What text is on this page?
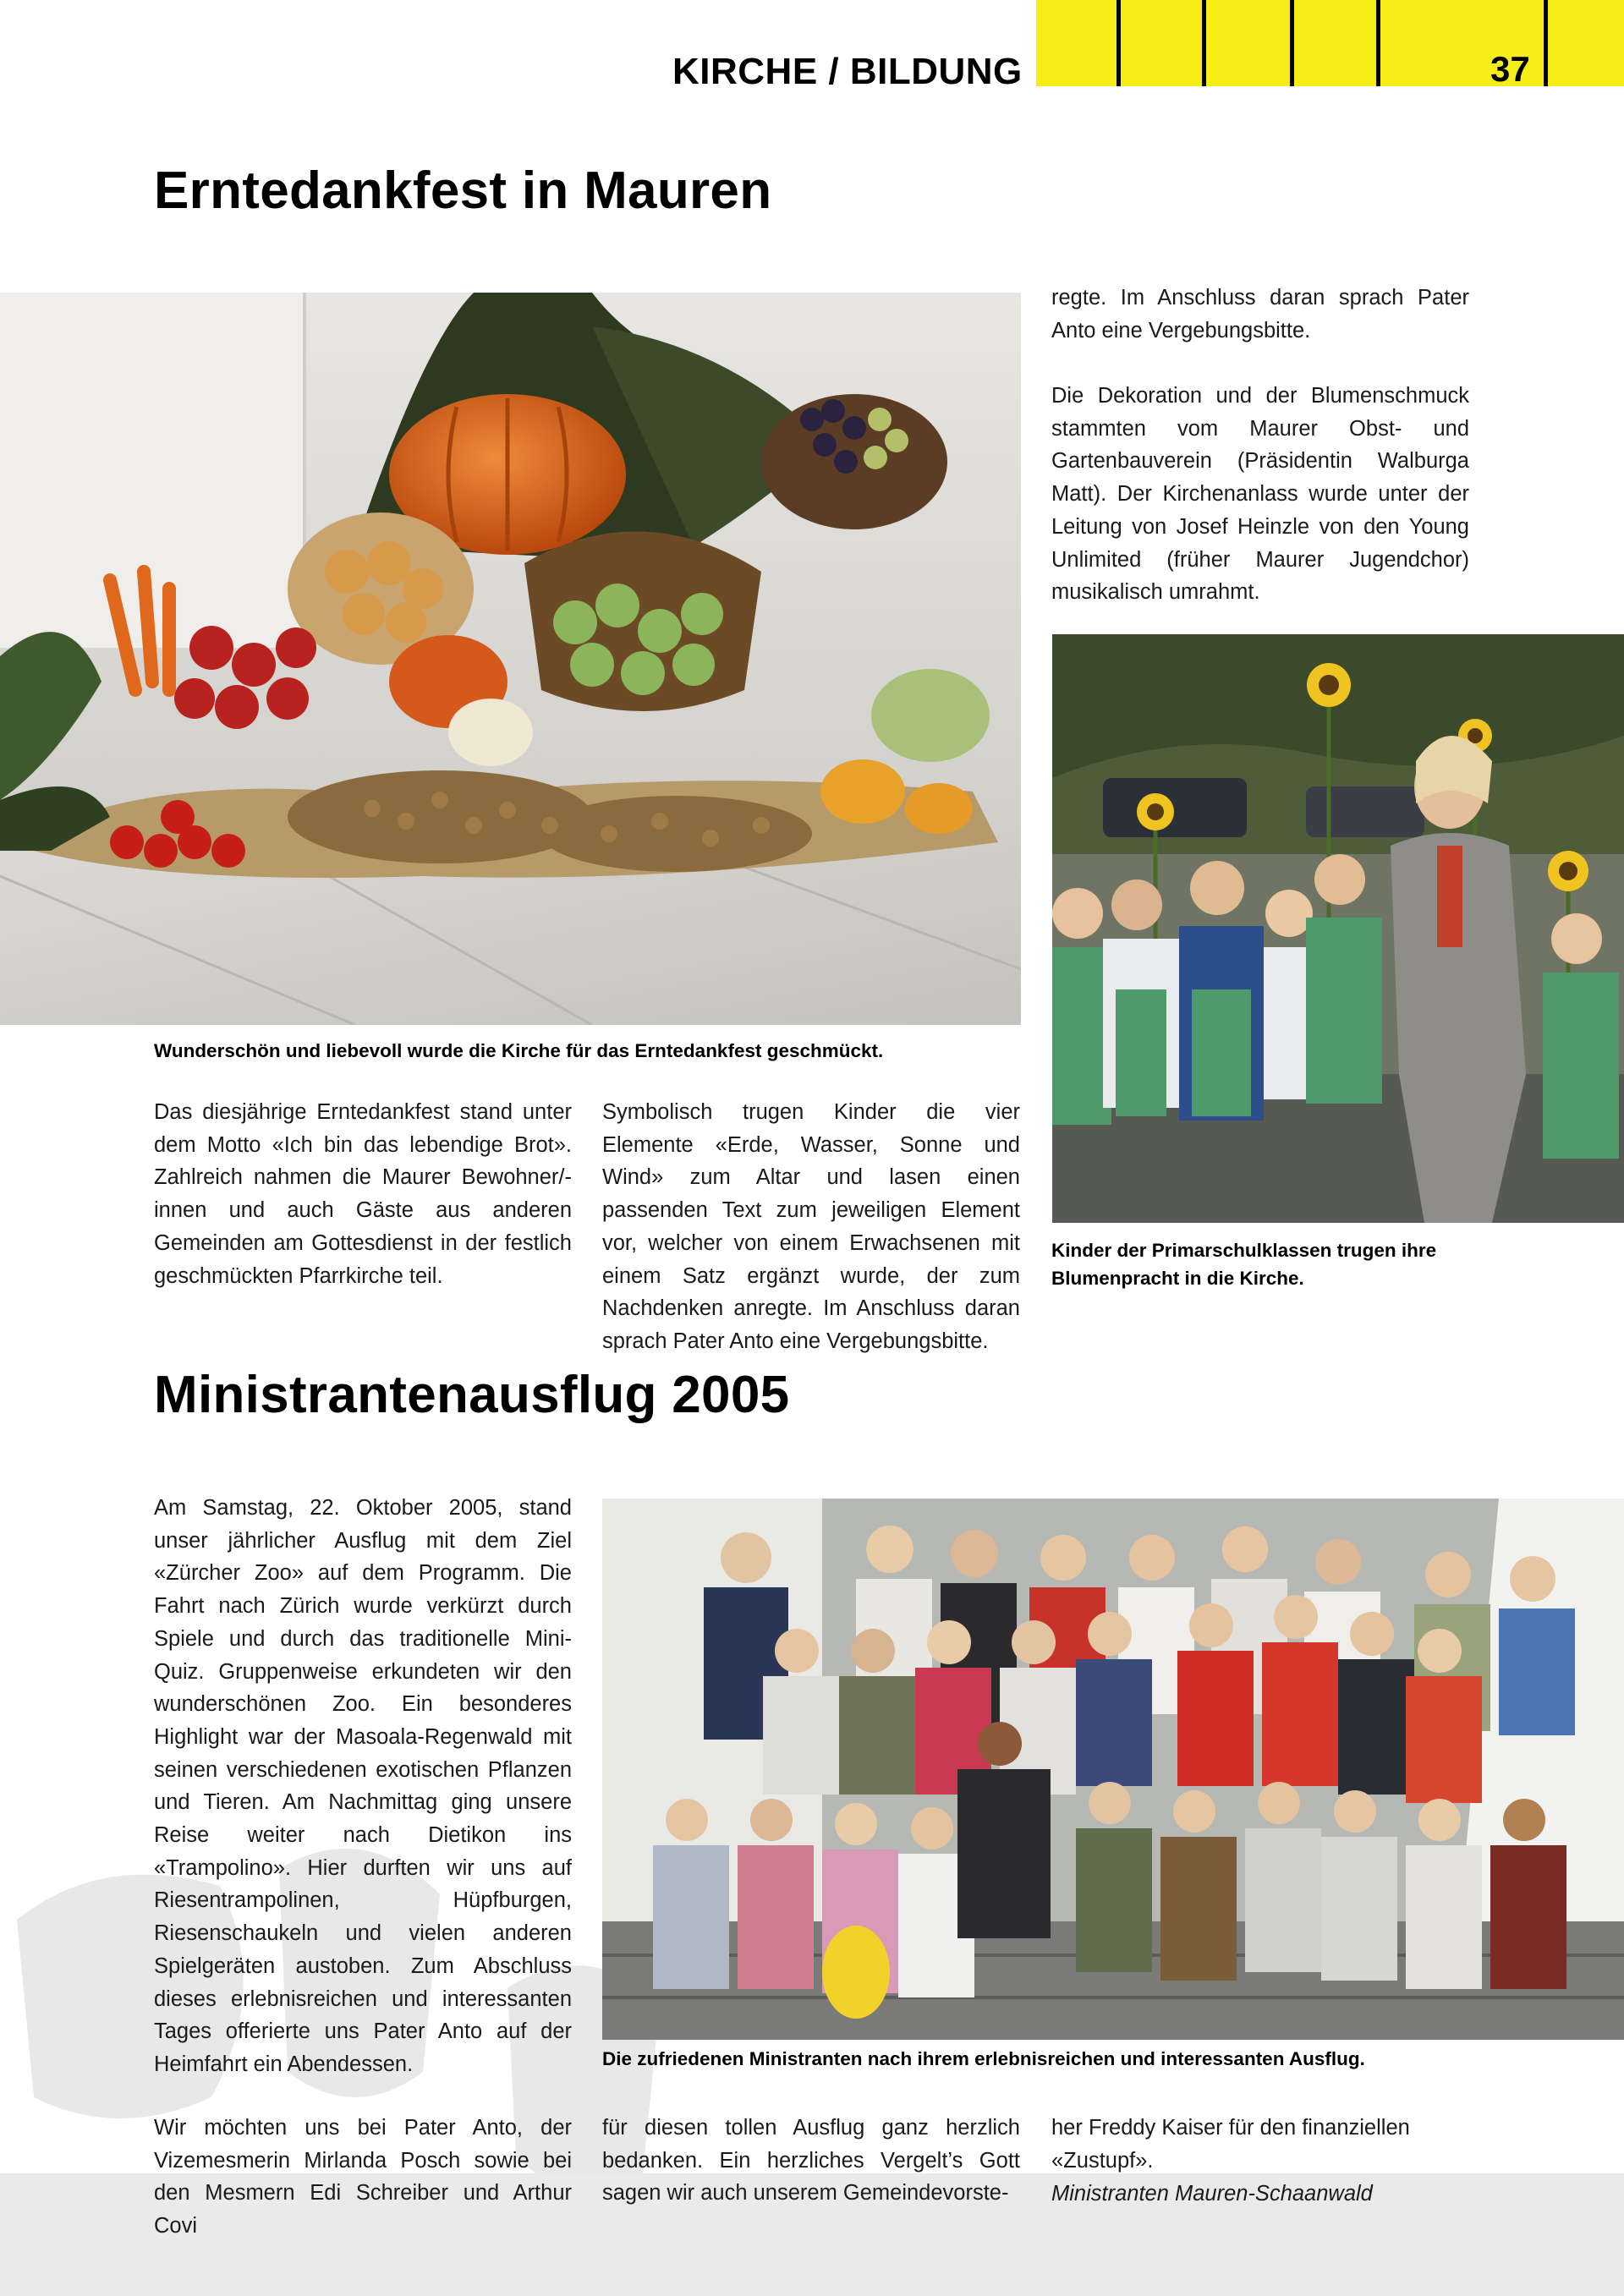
KIRCHE / BILDUNG	37
Erntedankfest in Mauren
regte. Im Anschluss daran sprach Pater Anto eine Vergebungsbitte.
Die Dekoration und der Blumenschmuck stammten vom Maurer Obst- und Gartenbauverein (Präsidentin Walburga Matt). Der Kirchenanlass wurde unter der Leitung von Josef Heinzle von den Young Unlimited (früher Maurer Jugendchor) musikalisch umrahmt.
Wunderschön und liebevoll wurde die Kirche für das Erntedankfest geschmückt.
Das diesjährige Erntedankfest stand unter dem Motto «Ich bin das lebendige Brot». Zahlreich nahmen die Maurer Bewohner/-innen und auch Gäste aus anderen Gemeinden am Gottesdienst in der festlich geschmückten Pfarrkirche teil.
Symbolisch trugen Kinder die vier Elemente «Erde, Wasser, Sonne und Wind» zum Altar und lasen einen passenden Text zum jeweiligen Element vor, welcher von einem Erwachsenen mit einem Satz ergänzt wurde, der zum Nachdenken anregte. Im Anschluss daran sprach Pater Anto eine Vergebungsbitte.
Kinder der Primarschulklassen trugen ihre Blumenpracht in die Kirche.
Ministrantenausflug 2005
Am Samstag, 22. Oktober 2005, stand unser jährlicher Ausflug mit dem Ziel «Zürcher Zoo» auf dem Programm. Die Fahrt nach Zürich wurde verkürzt durch Spiele und durch das traditionelle Mini-Quiz. Gruppenweise erkundeten wir den wunderschönen Zoo. Ein besonderes Highlight war der Masoala-Regenwald mit seinen verschiedenen exotischen Pflanzen und Tieren. Am Nachmittag ging unsere Reise weiter nach Dietikon ins «Trampolino». Hier durften wir uns auf Riesentrampolinen, Hüpfburgen, Riesenschaukeln und vielen anderen Spielgeräten austoben. Zum Abschluss dieses erlebnisreichen und interessanten Tages offerierte uns Pater Anto auf der Heimfahrt ein Abendessen.	Die zufriedenen Ministranten nach ihrem erlebnisreichen und interessanten Ausflug.
Wir möchten uns bei Pater Anto, der Vizemesmerin Mirlanda Posch sowie bei den Mesmern Edi Schreiber und Arthur Covi
für diesen tollen Ausflug ganz herzlich bedanken. Ein herzliches Vergelt’s Gott sagen wir auch unserem Gemeindevorste-
her Freddy Kaiser für den finanziellen «Zustupf».
Ministranten Mauren-Schaanwald
